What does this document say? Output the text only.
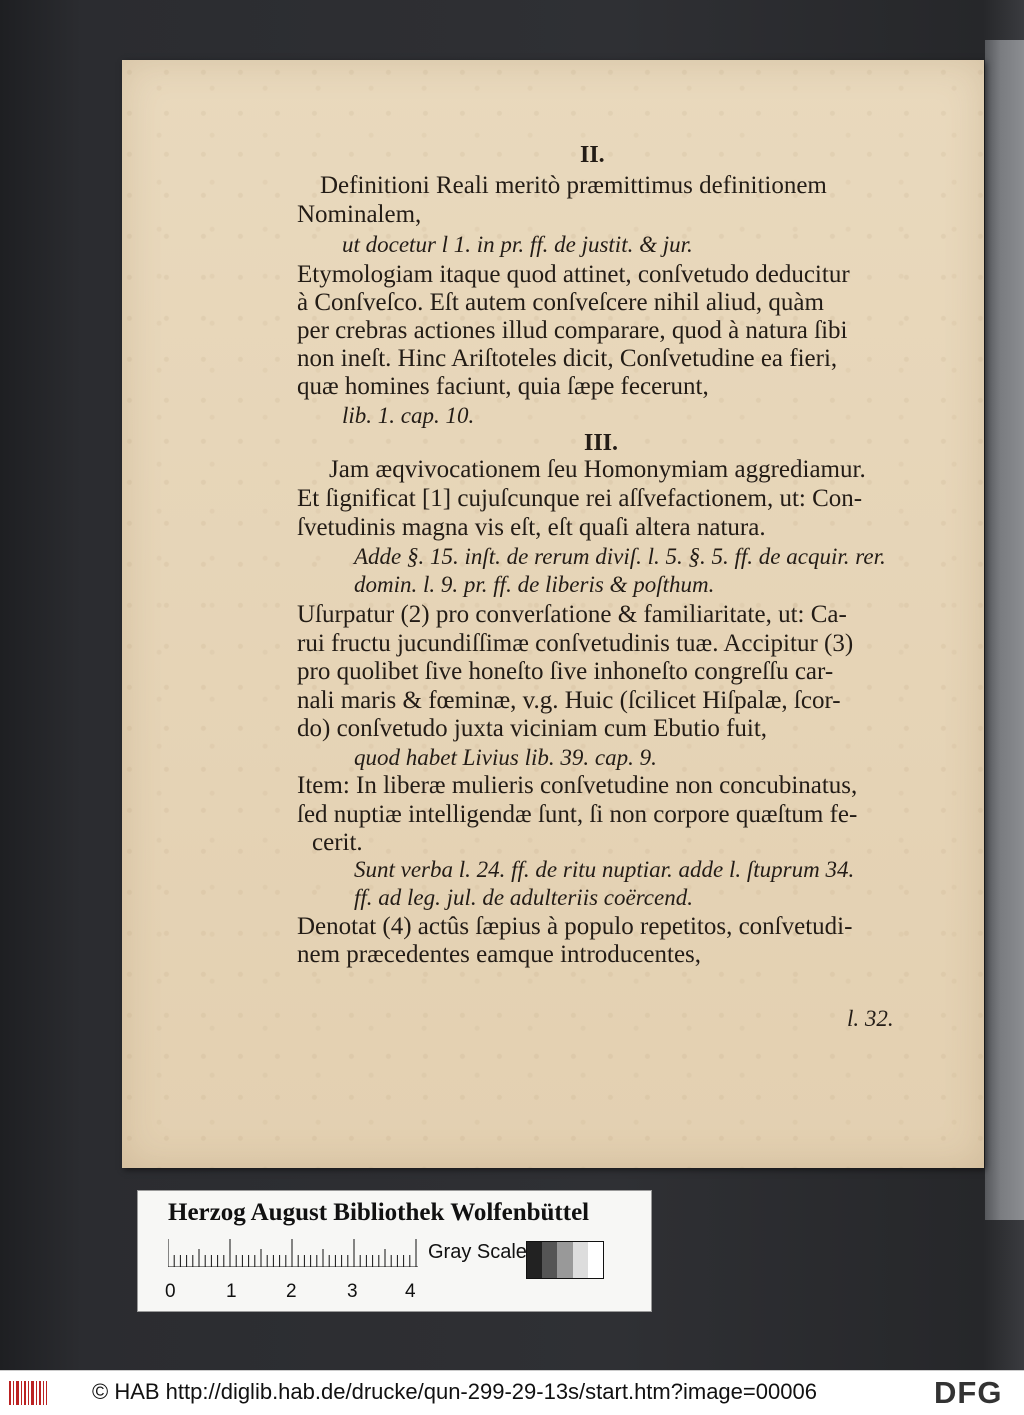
II.
Definitioni Reali meritò præmittimus definitionem
Nominalem,
ut docetur l 1. in pr. ff. de justit. & jur.
Etymologiam itaque quod attinet, conſvetudo deducitur
à Conſveſco. Eſt autem conſveſcere nihil aliud, quàm
per crebras actiones illud comparare, quod à natura ſibi
non ineſt. Hinc Ariſtoteles dicit, Conſvetudine ea fieri,
quæ homines faciunt, quia ſæpe fecerunt,
lib. 1. cap. 10.
III.
Jam æqvivocationem ſeu Homonymiam aggrediamur.
Et ſignificat [1] cujuſcunque rei aſſvefactionem, ut: Con-
ſvetudinis magna vis eſt, eſt quaſi altera natura.
Adde §. 15. inſt. de rerum diviſ. l. 5. §. 5. ff. de acquir. rer.
domin. l. 9. pr. ff. de liberis & poſthum.
Uſurpatur (2) pro converſatione & familiaritate, ut: Ca-
rui fructu jucundiſſimæ conſvetudinis tuæ. Accipitur (3)
pro quolibet ſive honeſto ſive inhoneſto congreſſu car-
nali maris & fœminæ, v.g. Huic (ſcilicet Hiſpalæ, ſcor-
do) conſvetudo juxta viciniam cum Ebutio fuit,
quod habet Livius lib. 39. cap. 9.
Item: In liberæ mulieris conſvetudine non concubinatus,
ſed nuptiæ intelligendæ ſunt, ſi non corpore quæſtum fe-
cerit.
Sunt verba l. 24. ff. de ritu nuptiar. adde l. ſtuprum 34.
ff. ad leg. jul. de adulteriis coërcend.
Denotat (4) actûs ſæpius à populo repetitos, conſvetudi-
nem præcedentes eamque introducentes,
l. 32.
Herzog August Bibliothek Wolfenbüttel
0	1	2	3 4
Gray Scale
© HAB http://diglib.hab.de/drucke/qun-299-29-13s/start.htm?image=00006	DFG
